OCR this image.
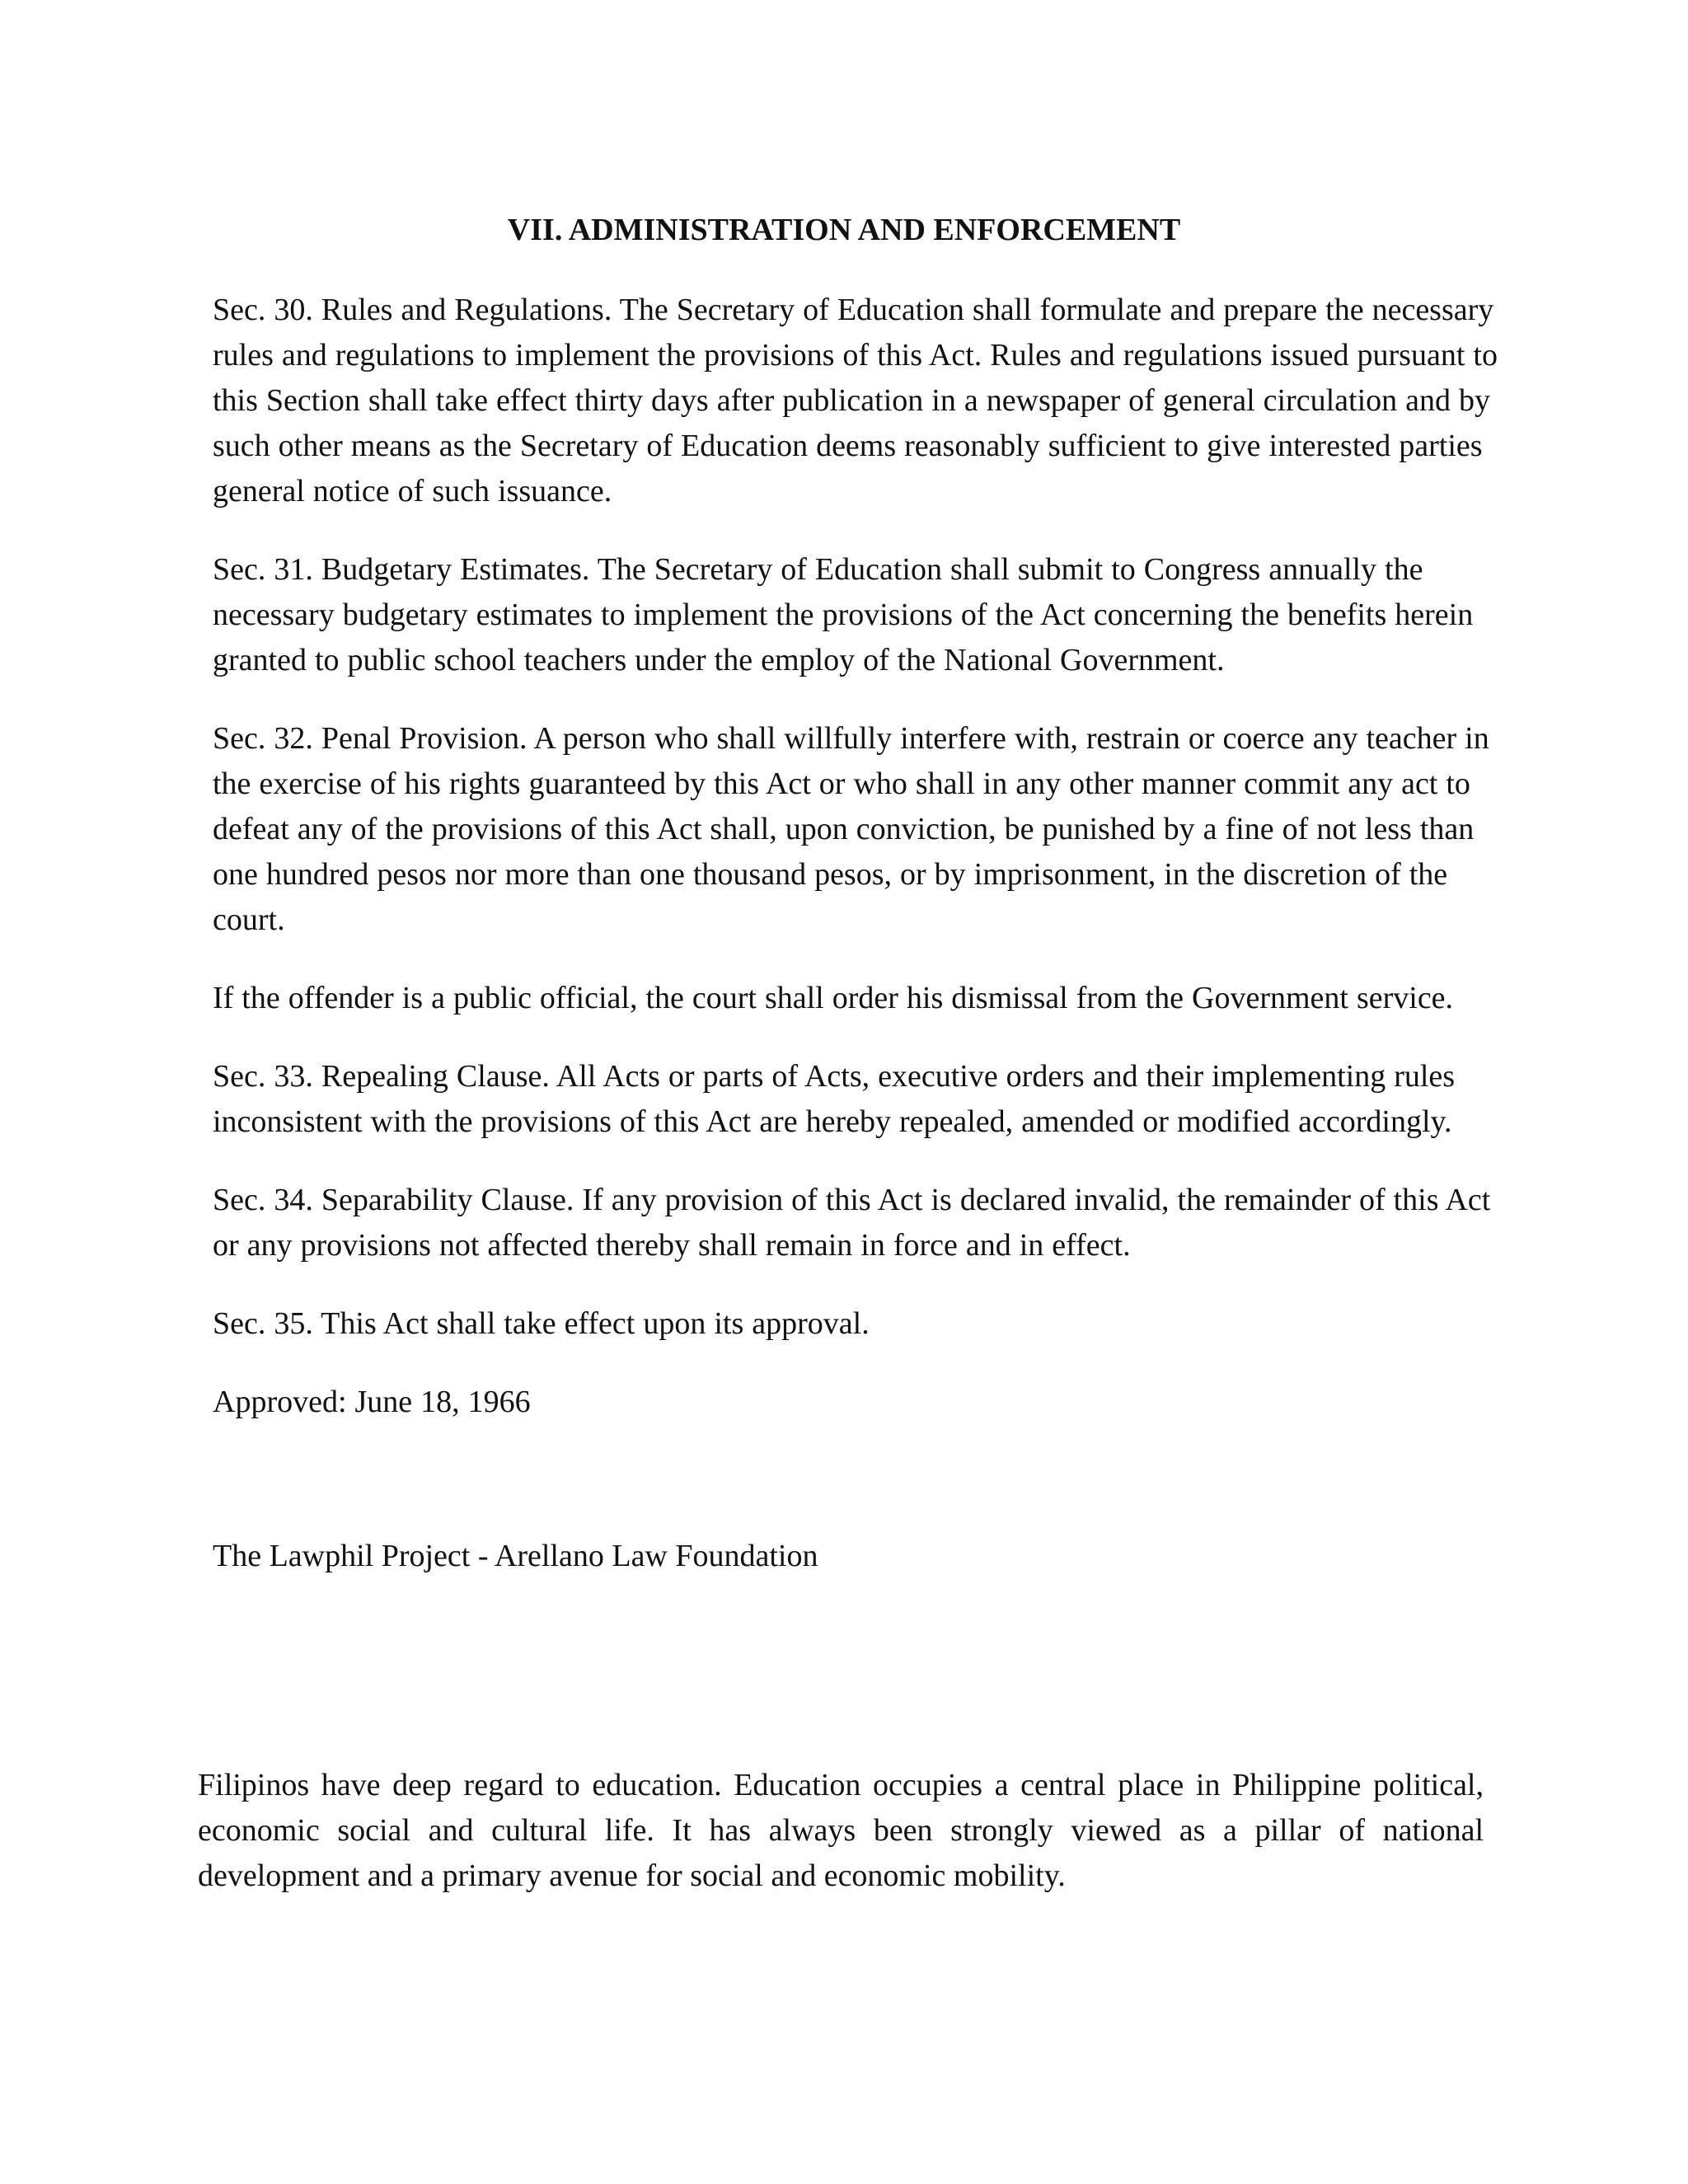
VII. ADMINISTRATION AND ENFORCEMENT

Sec. 30. Rules and Regulations. The Secretary of Education shall formulate and prepare the necessary rules and regulations to implement the provisions of this Act. Rules and regulations issued pursuant to this Section shall take effect thirty days after publication in a newspaper of general circulation and by such other means as the Secretary of Education deems reasonably sufficient to give interested parties general notice of such issuance.

Sec. 31. Budgetary Estimates. The Secretary of Education shall submit to Congress annually the necessary budgetary estimates to implement the provisions of the Act concerning the benefits herein granted to public school teachers under the employ of the National Government.

Sec. 32. Penal Provision. A person who shall willfully interfere with, restrain or coerce any teacher in the exercise of his rights guaranteed by this Act or who shall in any other manner commit any act to defeat any of the provisions of this Act shall, upon conviction, be punished by a fine of not less than one hundred pesos nor more than one thousand pesos, or by imprisonment, in the discretion of the court.

If the offender is a public official, the court shall order his dismissal from the Government service.

Sec. 33. Repealing Clause. All Acts or parts of Acts, executive orders and their implementing rules inconsistent with the provisions of this Act are hereby repealed, amended or modified accordingly.

Sec. 34. Separability Clause. If any provision of this Act is declared invalid, the remainder of this Act or any provisions not affected thereby shall remain in force and in effect.

Sec. 35. This Act shall take effect upon its approval.

Approved: June 18, 1966

The Lawphil Project - Arellano Law Foundation

Filipinos have deep regard to education. Education occupies a central place in Philippine political, economic social and cultural life. It has always been strongly viewed as a pillar of national development and a primary avenue for social and economic mobility.
